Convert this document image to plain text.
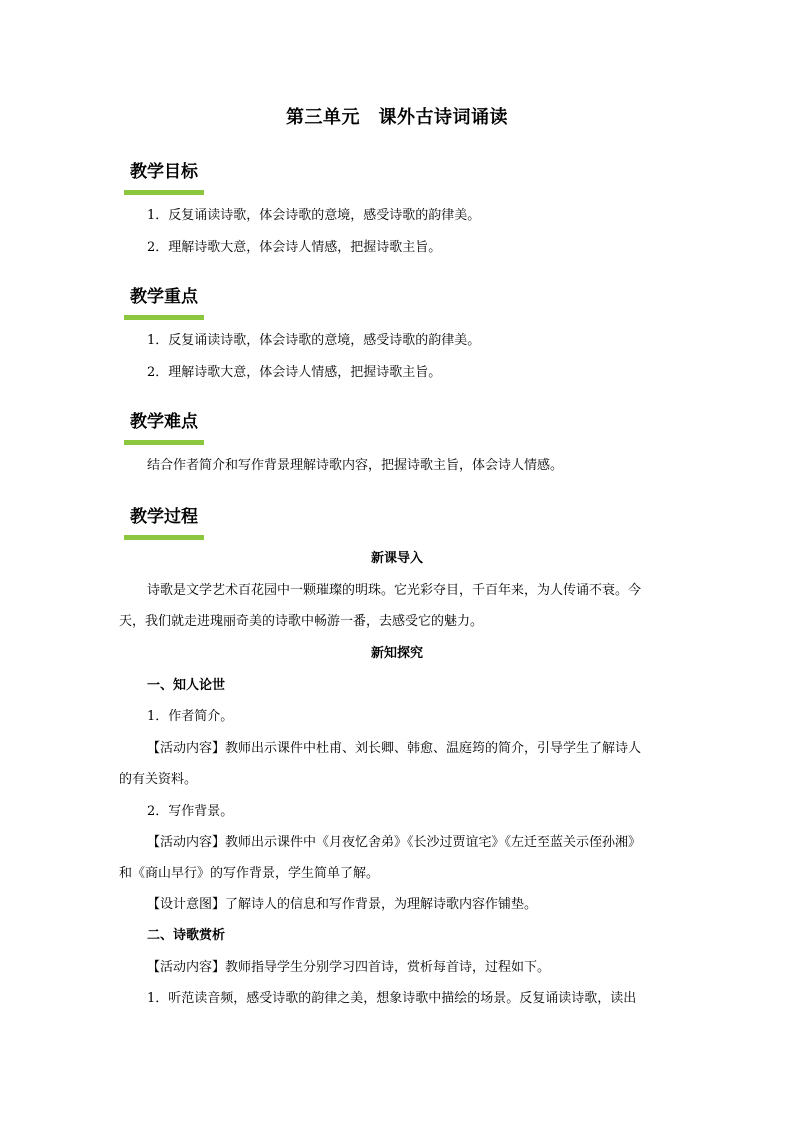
第三单元　课外古诗词诵读
教学目标
1．反复诵读诗歌，体会诗歌的意境，感受诗歌的韵律美。
2．理解诗歌大意，体会诗人情感，把握诗歌主旨。
教学重点
1．反复诵读诗歌，体会诗歌的意境，感受诗歌的韵律美。
2．理解诗歌大意，体会诗人情感，把握诗歌主旨。
教学难点
结合作者简介和写作背景理解诗歌内容，把握诗歌主旨，体会诗人情感。
教学过程
新课导入
诗歌是文学艺术百花园中一颗璀璨的明珠。它光彩夺目，千百年来，为人传诵不衰。今
天，我们就走进瑰丽奇美的诗歌中畅游一番，去感受它的魅力。
新知探究
一、知人论世
1．作者简介。
【活动内容】教师出示课件中杜甫、刘长卿、韩愈、温庭筠的简介，引导学生了解诗人
的有关资料。
2．写作背景。
【活动内容】教师出示课件中《月夜忆舍弟》《长沙过贾谊宅》《左迁至蓝关示侄孙湘》
和《商山早行》的写作背景，学生简单了解。
【设计意图】了解诗人的信息和写作背景，为理解诗歌内容作铺垫。
二、诗歌赏析
【活动内容】教师指导学生分别学习四首诗，赏析每首诗，过程如下。
1．听范读音频，感受诗歌的韵律之美，想象诗歌中描绘的场景。反复诵读诗歌，读出
